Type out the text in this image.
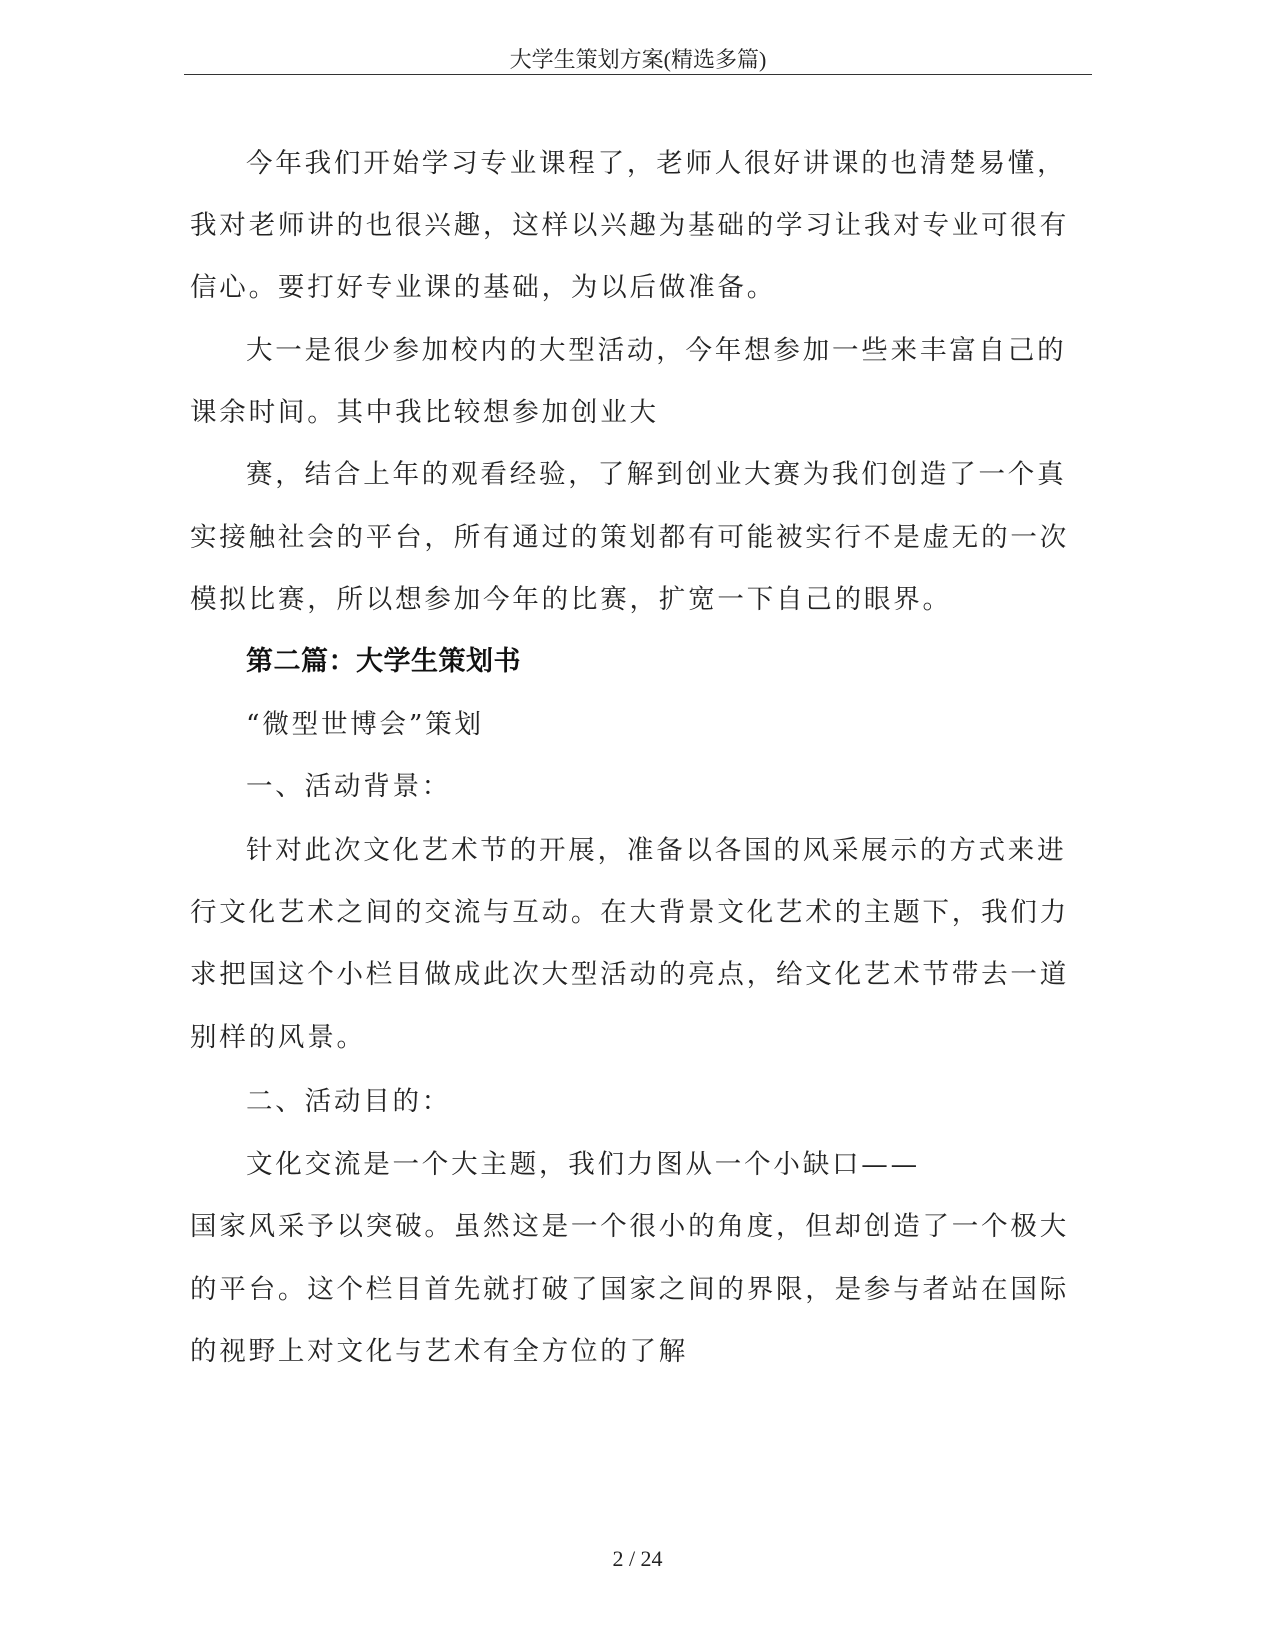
大学生策划方案(精选多篇)
今年我们开始学习专业课程了，老师人很好讲课的也清楚易懂，
我对老师讲的也很兴趣，这样以兴趣为基础的学习让我对专业可很有
信心。要打好专业课的基础，为以后做准备。
大一是很少参加校内的大型活动，今年想参加一些来丰富自己的
课余时间。其中我比较想参加创业大
赛，结合上年的观看经验，了解到创业大赛为我们创造了一个真
实接触社会的平台，所有通过的策划都有可能被实行不是虚无的一次
模拟比赛，所以想参加今年的比赛，扩宽一下自己的眼界。
第二篇：大学生策划书
“微型世博会”策划
一、活动背景：
针对此次文化艺术节的开展，准备以各国的风采展示的方式来进
行文化艺术之间的交流与互动。在大背景文化艺术的主题下，我们力
求把国这个小栏目做成此次大型活动的亮点，给文化艺术节带去一道
别样的风景。
二、活动目的：
文化交流是一个大主题，我们力图从一个小缺口——
国家风采予以突破。虽然这是一个很小的角度，但却创造了一个极大
的平台。这个栏目首先就打破了国家之间的界限，是参与者站在国际
的视野上对文化与艺术有全方位的了解
2 / 24
